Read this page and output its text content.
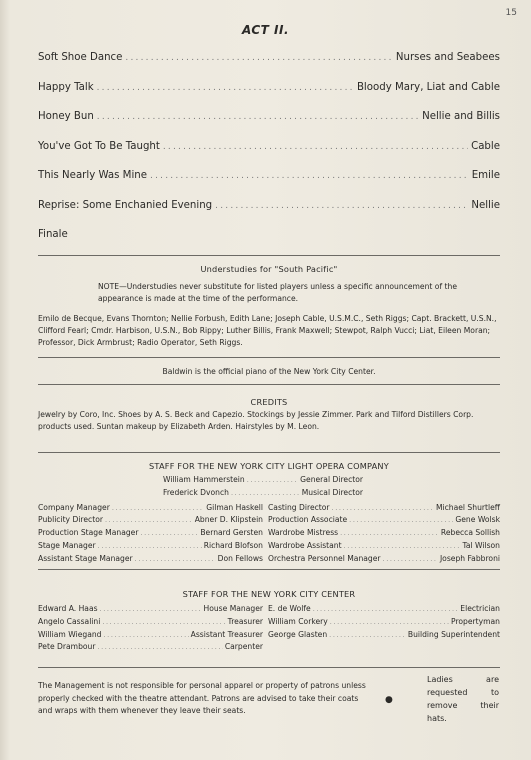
15
ACT II.
Soft Shoe Dance .....	Nurses and Seabees
Happy Talk .....	Bloody Mary, Liat and Cable
Honey Bun .....	Nellie and Billis
You've Got To Be Taught .....	Cable
This Nearly Was Mine .....	Emile
Reprise: Some Enchanied Evening .....	Nellie
Finale
Understudies for "South Pacific"
NOTE—Understudies never substitute for listed players unless a specific announcement of the appearance is made at the time of the performance.
Emilo de Becque, Evans Thornton; Nellie Forbush, Edith Lane; Joseph Cable, U.S.M.C., Seth Riggs; Capt. Brackett, U.S.N., Clifford Fearl; Cmdr. Harbison, U.S.N., Bob Rippy; Luther Billis, Frank Maxwell; Stewpot, Ralph Vucci; Liat, Eileen Moran; Professor, Dick Armbrust; Radio Operator, Seth Riggs.
Baldwin is the official piano of the New York City Center.
CREDITS
Jewelry by Coro, Inc. Shoes by A. S. Beck and Capezio. Stockings by Jessie Zimmer. Park and Tilford Distillers Corp. products used. Suntan makeup by Elizabeth Arden. Hairstyles by M. Leon.
STAFF FOR THE NEW YORK CITY LIGHT OPERA COMPANY
William Hammerstein .....	General Director
Frederick Dvonch .....	Musical Director
Company Manager .....	Gilman Haskell
Publicity Director .....	Abner D. Klipstein
Production Stage Manager .....	Bernard Gersten
Stage Manager .....	Richard Blofson
Assistant Stage Manager .....	Don Fellows
Casting Director .....	Michael Shurtleff
Production Associate .....	Gene Wolsk
Wardrobe Mistress .....	Rebecca Sollish
Wardrobe Assistant .....	Tal Wilson
Orchestra Personnel Manager .....	Joseph Fabbroni
STAFF FOR THE NEW YORK CITY CENTER
Edward A. Haas .....	House Manager
Angelo Cassalini .....	Treasurer
William Wiegand .....	Assistant Treasurer
Pete Drambour .....	Carpenter
E. de Wolfe .....	Electrician
William Corkery .....	Propertyman
George Glasten .....	Building Superintendent
The Management is not responsible for personal apparel or property of patrons unless properly checked with the theatre attendant. Patrons are advised to take their coats and wraps with them whenever they leave their seats.
●
Ladies are requested to remove their hats.
